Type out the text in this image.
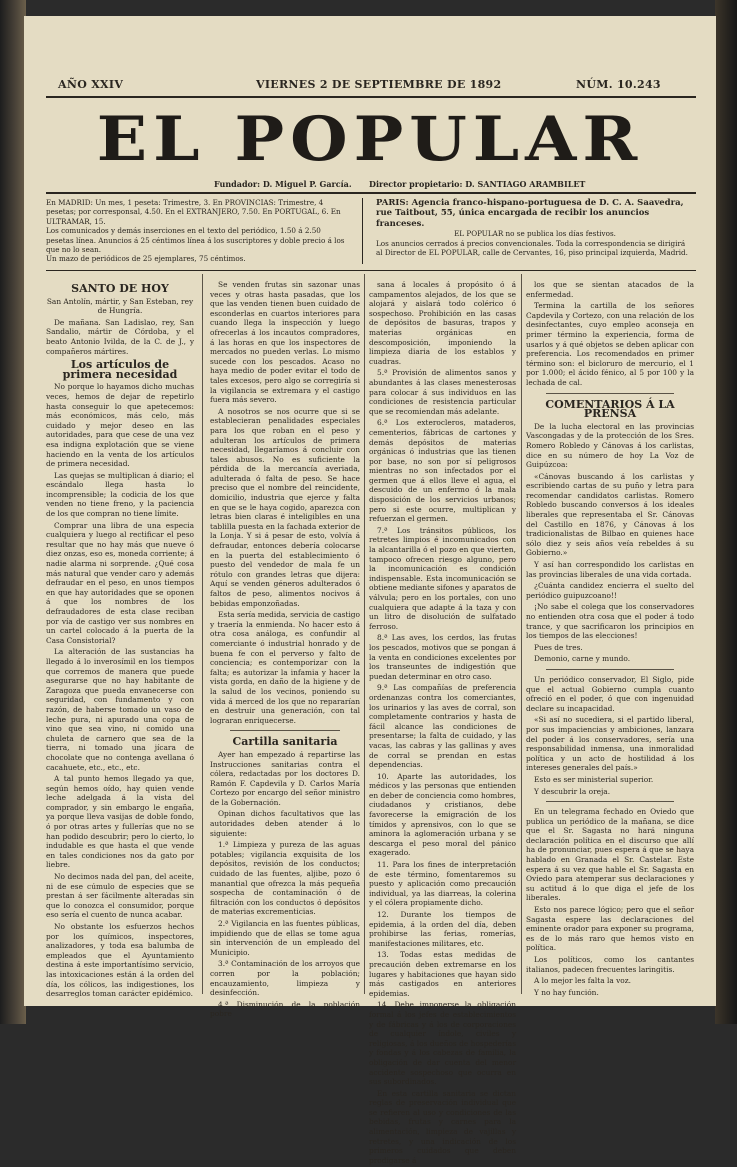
AÑO XXIV	VIERNES 2 DE SEPTIEMBRE DE 1892	NÚM. 10.243
EL POPULAR
Fundador: D. Miguel P. García. Director propietario: D. SANTIAGO ARAMBILET
En MADRID: Un mes, 1 peseta: Trimestre, 3. En PROVINCIAS: Trimestre, 4 pesetas; por corresponsal, 4.50. En el EXTRANJERO, 7.50. En PORTUGAL, 6. En ULTRAMAR, 15.
Los comunicados y demás inserciones en el texto del periódico, 1.50 á 2.50 pesetas línea. Anuncios á 25 céntimos línea á los suscriptores y doble precio á los que no lo sean.
Un mazo de periódicos de 25 ejemplares, 75 céntimos.
PARIS: Agencia franco-hispano-portuguesa de D. C. A. Saavedra, rue Taitbout, 55, única encargada de recibir los anuncios franceses.
EL POPULAR no se publica los días festivos.
Los anuncios cerrados á precios convencionales. Toda la correspondencia se dirigirá al Director de EL POPULAR, calle de Cervantes, 16, piso principal izquierda, Madrid.
SANTO DE HOY

San Antolín, mártir, y San Esteban, rey de Hungría.

De mañana. San Ladislao, rey, San Sandalio, mártir de Córdoba, y el beato Antonio Ivilda, de la C. de J., y compañeros mártires.

Los artículos de primera necesidad

No porque lo hayamos dicho muchas veces, hemos de dejar de repetirlo hasta conseguir lo que apetecemos: más económicos, más celo, más cuidado y mejor deseo en las autoridades, para que cese de una vez esa indigna explotación que se viene haciendo en la venta de los artículos de primera necesidad.

Las quejas se multiplican á diario; el escándalo llega hasta lo incomprensible; la codicia de los que venden no tiene freno, y la paciencia de los que compran no tiene límite.

Comprar una libra de una especia cualquiera y luego al rectificar el peso resultar que no hay más que nueve ó diez onzas, eso es, moneda corriente; á nadie alarma ni sorprende. ¿Qué cosa más natural que vender caro y además defraudar en el peso, en unos tiempos en que hay autoridades que se oponen á que los nombres de los defraudadores de esta clase reciban por vía de castigo ver sus nombres en un cartel colocado á la puerta de la Casa Consistorial?

La alteración de las sustancias ha llegado á lo inverosímil en los tiempos que corremos de manera que puede asegurarse que no hay habitante de Zaragoza que pueda envanecerse con seguridad, con fundamento y con razón, de haberse tomado un vaso de leche pura, ni apurado una copa de vino que sea vino, ni comido una chuleta de carnero que sea de la tierra, ni tomado una jícara de chocolate que no contenga avellana ó cacahuete, etc., etc., etc.

A tal punto hemos llegado ya que, según hemos oído, hay quien vende leche adelgada á la vista del comprador, y sin embargo le engaña, ya porque lleva vasijas de doble fondo, ó por otras artes y fullerías que no se han podido descubrir; pero lo cierto, lo indudable es que hasta el que vende en tales condiciones nos da gato por liebre.

No decimos nada del pan, del aceite, ni de ese cúmulo de especies que se prestan á ser fácilmente alteradas sin que lo conozca el consumidor, porque eso sería el cuento de nunca acabar.

No obstante los esfuerzos hechos por los químicos, inspectores, analizadores, y toda esa balumba de empleados que el Ayuntamiento destina á este importantísimo servicio, las intoxicaciones están á la orden del día, los cólicos, las indigestiones, los desarreglos toman carácter epidémico.

Se venden frutas sin sazonar unas veces y otras hasta pasadas, que los que las venden tienen buen cuidado de esconderlas en cuartos interiores para cuando llega la inspección y luego ofrecerlas á los incautos compradores, á las horas en que los inspectores de mercados no pueden verlas. Lo mismo sucede con los pescados. Acaso no haya medio de poder evitar el todo de tales excesos, pero algo se corregiría si la vigilancia se extremara y el castigo fuera más severo.

A nosotros se nos ocurre que si se establecieran penalidades especiales para los que roban en el peso y adulteran los artículos de primera necesidad, llegaríamos á concluir con tales abusos. No es suficiente la pérdida de la mercancía averiada, adulterada ó falta de peso. Se hace preciso que el nombre del reincidente, domicilio, industria que ejerce y falta en que se le haya cogido, aparezca con letras bien claras é inteligibles en una tablilla puesta en la fachada exterior de la Lonja. Y si á pesar de esto, volvía á defraudar, entonces debería colocarse en la puerta del establecimiento ó puesto del vendedor de mala fe un rótulo con grandes letras que dijera: Aquí se venden géneros adulterados ó faltos de peso, alimentos nocivos á bebidas emponzoñadas.

Esta sería medida, servicia de castigo y traería la enmienda. No hacer esto á otra cosa análoga, es confundir al comerciante ó industrial honrado y de buena fe con el perverso y falto de conciencia; es contemporizar con la falta; es autorizar la infamia y hacer la vista gorda, en daño de la higiene y de la salud de los vecinos, poniendo su vida á merced de los que no repararían en destruir una generación, con tal lograran enriquecerse.

Cartilla sanitaria

Ayer han empezado á repartirse las Instrucciones sanitarias contra el cólera, redactadas por los doctores D. Ramón F. Capdevila y D. Carlos María Cortezo por encargo del señor ministro de la Gobernación.

Opinan dichos facultativos que las autoridades deben atender á lo siguiente:

1.ª Limpieza y pureza de las aguas potables; vigilancia exquisita de los depósitos, revisión de los conductos; cuidado de las fuentes, aljibe, pozo ó manantial que ofrezca la más pequeña sospecha de contaminación ó de filtración con los conductos ó depósitos de materias excrementicias.

2.ª Vigilancia en las fuentes públicas, impidiendo que de ellas se tome agua sin intervención de un empleado del Municipio.

3.ª Contaminación de los arroyos que corren por la población; encauzamiento, limpieza y desinfección.

4.ª Disminución de la población pobre

sana á locales á propósito ó á campamentos alejados, de los que se alojará y aislará todo colérico ó sospechoso. Prohibición en las casas de depósitos de basuras, trapos y materias orgánicas en descomposición, imponiendo la limpieza diaria de los establos y cuadras.

5.ª Provisión de alimentos sanos y abundantes á las clases menesterosas para colocar á sus individuos en las condiciones de resistencia particular que se recomiendan más adelante.

6.ª Los exterocleros, mataderos, cementerios, fábricas de cartones y demás depósitos de materias orgánicas ó industrias que las tienen por base, no son por sí peligrosos mientras no son infectados por el germen que á ellos lleve el agua, el descuido de un enfermo ó la mala disposición de los servicios urbanos; pero si este ocurre, multiplican y refuerzan el germen.

7.ª Los tránsitos públicos, los retretes limpios é incomunicados con la alcantarilla ó el pozo en que vierten, tampoco ofrecen riesgo alguno, pero la incomunicación es condición indispensable. Esta incomunicación se obtiene mediante sifones y aparatos de válvula; pero en los portales, con uno cualquiera que adapte á la taza y con un litro de disolución de sulfatado ferroso.

8.ª Las aves, los cerdos, las frutas los pescados, motivos que se pongan á la venta en condiciones excelentes por los transeuntes de indigestión que puedan determinar en otro caso.

9.ª Las compañías de preferencia ordenanzas contra los comerciantes, los urinarios y las aves de corral, son completamente contrarios y hasta de fácil alcance las condiciones de presentarse; la falta de cuidado, y las vacas, las cabras y las gallinas y aves de corral se prendan en estas dependencias.

10. Aparte las autoridades, los médicos y las personas que entienden en deber de conciencia como hombres, ciudadanos y cristianos, debe favorecerse la emigración de los tímidos y aprensivos, con lo que se aminora la aglomeración urbana y se descarga el peso moral del pánico exagerado.

11. Para los fines de interpretación de este término, fomentaremos su puesto y aplicación como precaución individual, ya las diarreas, la colerina y el cólera propiamente dicho.

12. Durante los tiempos de epidemia, á la orden del día, deben prohibirse las ferias, romerías, manifestaciones militares, etc.

13. Todas estas medidas de precaución deben extremarse en los lugares y habitaciones que hayan sido más castigados en anteriores epidemias.

14. Debe imponerse la obligación formal á los jefes de establecimientos y de fábricas y á los de corporaciones de cualquier índole, civiles y religiosas, á los dueños de hospederías y fondas y á los cabezas de familia, la obligación de dar cuenta del menor accidente sospechoso que ocurra en sus subordinados.

En esta cartilla sanitaria se dictan reglas de preservación individual que se refieren al uso y condiciones de las bebidas, frutas y carnes para la alimentación, limpieza de vajillas y retretes, y una indicación de los primeros cuidados que deben prodigarse á

los que se sientan atacados de la enfermedad.

Termina la cartilla de los señores Capdevila y Cortezo, con una relación de los desinfectantes, cuyo empleo aconseja en primer término la experiencia, forma de usarlos y á qué objetos se deben aplicar con preferencia. Los recomendados en primer término son: el bicloruro de mercurio, el 1 por 1.000; el ácido fénico, al 5 por 100 y la lechada de cal.

COMENTARIOS Á LA PRENSA

De la lucha electoral en las provincias Vascongadas y de la protección de los Sres. Romero Robledo y Cánovas á los carlistas, dice en su número de hoy La Voz de Guipúzcoa:

«Cánovas buscando á los carlistas y escribiendo cartas de su puño y letra para recomendar candidatos carlistas. Romero Robledo buscando conversos á los ideales liberales que representaba el Sr. Cánovas del Castillo en 1876, y Cánovas á los tradicionalistas de Bilbao en quienes hace sólo diez y seis años veía rebeldes á su Gobierno.»

Y así han correspondido los carlistas en las provincias liberales de una vida cortada.

¿Cuánta candidez encierra el suelto del periódico guipuzcoano!!

¡No sabe el colega que los conservadores no entienden otra cosa que el poder á todo trance, y que sacrificaron los principios en los tiempos de las elecciones!

Pues de tres.

Demonio, carne y mundo.

Un periódico conservador, El Siglo, pide que el actual Gobierno cumpla cuanto ofreció en el poder, ó que con ingenuidad declare su incapacidad.

«Si así no sucediera, si el partido liberal, por sus impaciencias y ambiciones, lanzara del poder á los conservadores, sería una responsabilidad inmensa, una inmoralidad política y un acto de hostilidad á los intereses generales del país.»

Esto es ser ministerial superior.

Y descubrir la oreja.

En un telegrama fechado en Oviedo que publica un periódico de la mañana, se dice que el Sr. Sagasta no hará ninguna declaración política en el discurso que allí ha de pronunciar, pues espera á que se haya hablado en Granada el Sr. Castelar. Este espera á su vez que hable el Sr. Sagasta en Oviedo para atemperar sus declaraciones y su actitud á lo que diga el jefe de los liberales.

Esto nos parece lógico; pero que el señor Sagasta espere las declaraciones del eminente orador para exponer su programa, es de lo más raro que hemos visto en política.

Los políticos, como los cantantes italianos, padecen frecuentes laringitis.

A lo mejor les falta la voz.

Y no hay función.
